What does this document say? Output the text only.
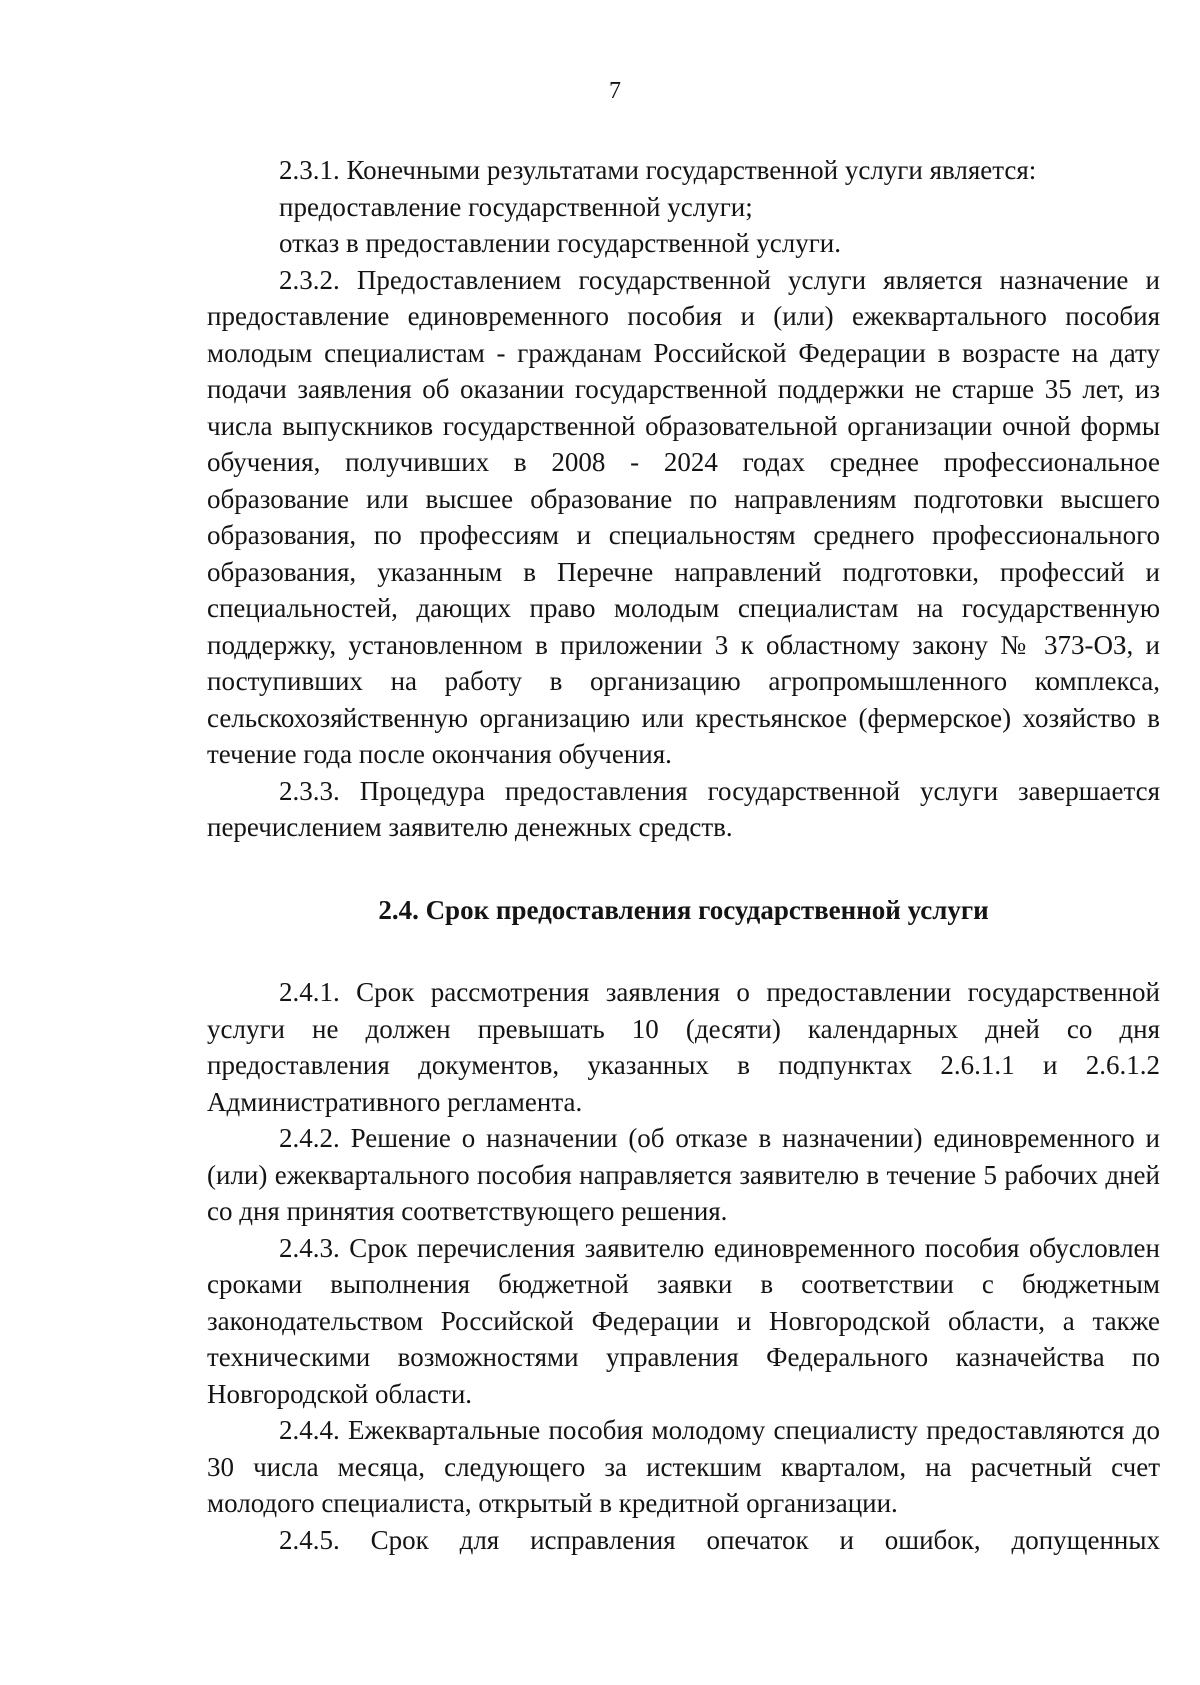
7

2.3.1. Конечными результатами государственной услуги является:

предоставление государственной услуги;

отказ в предоставлении государственной услуги.

2.3.2. Предоставлением государственной услуги является назначение и предоставление единовременного пособия и (или) ежеквартального пособия молодым специалистам - гражданам Российской Федерации в возрасте на дату подачи заявления об оказании государственной поддержки не старше 35 лет, из числа выпускников государственной образовательной организации очной формы обучения, получивших в 2008 - 2024 годах среднее профессиональное образование или высшее образование по направлениям подготовки высшего образования, по профессиям и специальностям среднего профессионального образования, указанным в Перечне направлений подготовки, профессий и специальностей, дающих право молодым специалистам на государственную поддержку, установленном в приложении 3 к областному закону № 373-ОЗ, и поступивших на работу в организацию агропромышленного комплекса, сельскохозяйственную организацию или крестьянское (фермерское) хозяйство в течение года после окончания обучения.

2.3.3. Процедура предоставления государственной услуги завершается перечислением заявителю денежных средств.

2.4. Срок предоставления государственной услуги

2.4.1. Срок рассмотрения заявления о предоставлении государственной услуги не должен превышать 10 (десяти) календарных дней со дня предоставления документов, указанных в подпунктах 2.6.1.1 и 2.6.1.2 Административного регламента.

2.4.2. Решение о назначении (об отказе в назначении) единовременного и (или) ежеквартального пособия направляется заявителю в течение 5 рабочих дней со дня принятия соответствующего решения.

2.4.3. Срок перечисления заявителю единовременного пособия обусловлен сроками выполнения бюджетной заявки в соответствии с бюджетным законодательством Российской Федерации и Новгородской области, а также техническими возможностями управления Федерального казначейства по Новгородской области.

2.4.4. Ежеквартальные пособия молодому специалисту предоставляются до 30 числа месяца, следующего за истекшим кварталом, на расчетный счет молодого специалиста, открытый в кредитной организации.

2.4.5. Срок для исправления опечаток и ошибок, допущенных
